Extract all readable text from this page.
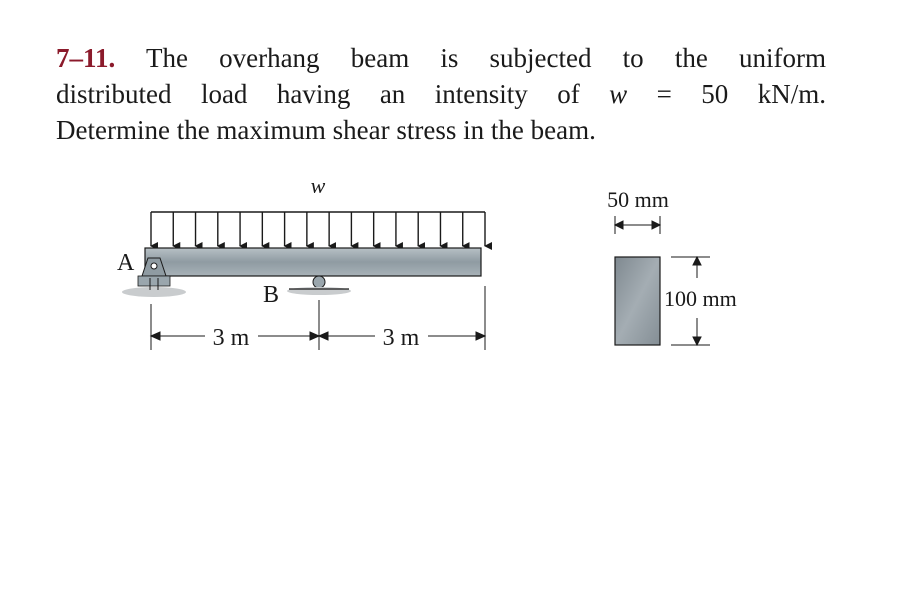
7–11. The overhang beam is subjected to the uniform
distributed load having an intensity of w = 50 kN/m.
Determine the maximum shear stress in the beam.
w
A
B
3 m	3 m
50 mm
100 mm
